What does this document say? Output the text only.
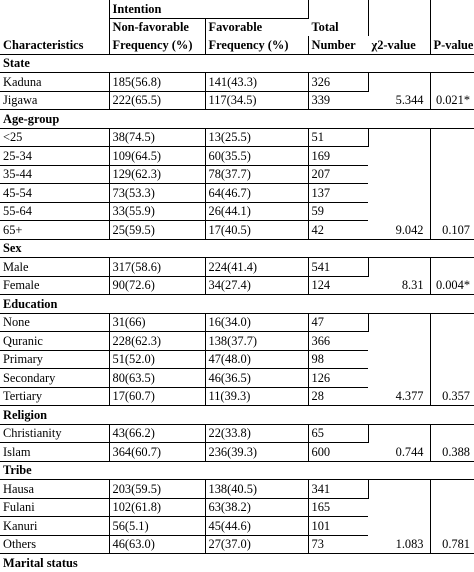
Characteristics	Intention		Total	χ2-value	P-value
	Non-favorable	Favorable			
	Frequency (%)	Frequency (%)	Number		
State					
Kaduna	185(56.8)	141(43.3)	326	5.344	0.021*
Jigawa	222(65.5)	117(34.5)	339		
Age-group					
<25	38(74.5)	13(25.5)	51	9.042	0.107
25-34	109(64.5)	60(35.5)	169		
35-44	129(62.3)	78(37.7)	207		
45-54	73(53.3)	64(46.7)	137		
55-64	33(55.9)	26(44.1)	59		
65+	25(59.5)	17(40.5)	42		
Sex					
Male	317(58.6)	224(41.4)	541	8.31	0.004*
Female	90(72.6)	34(27.4)	124		
Education					
None	31(66)	16(34.0)	47	4.377	0.357
Quranic	228(62.3)	138(37.7)	366		
Primary	51(52.0)	47(48.0)	98		
Secondary	80(63.5)	46(36.5)	126		
Tertiary	17(60.7)	11(39.3)	28		
Religion					
Christianity	43(66.2)	22(33.8)	65	0.744	0.388
Islam	364(60.7)	236(39.3)	600		
Tribe					
Hausa	203(59.5)	138(40.5)	341	1.083	0.781
Fulani	102(61.8)	63(38.2)	165		
Kanuri	56(5.1)	45(44.6)	101		
Others	46(63.0)	27(37.0)	73		
Marital status					
